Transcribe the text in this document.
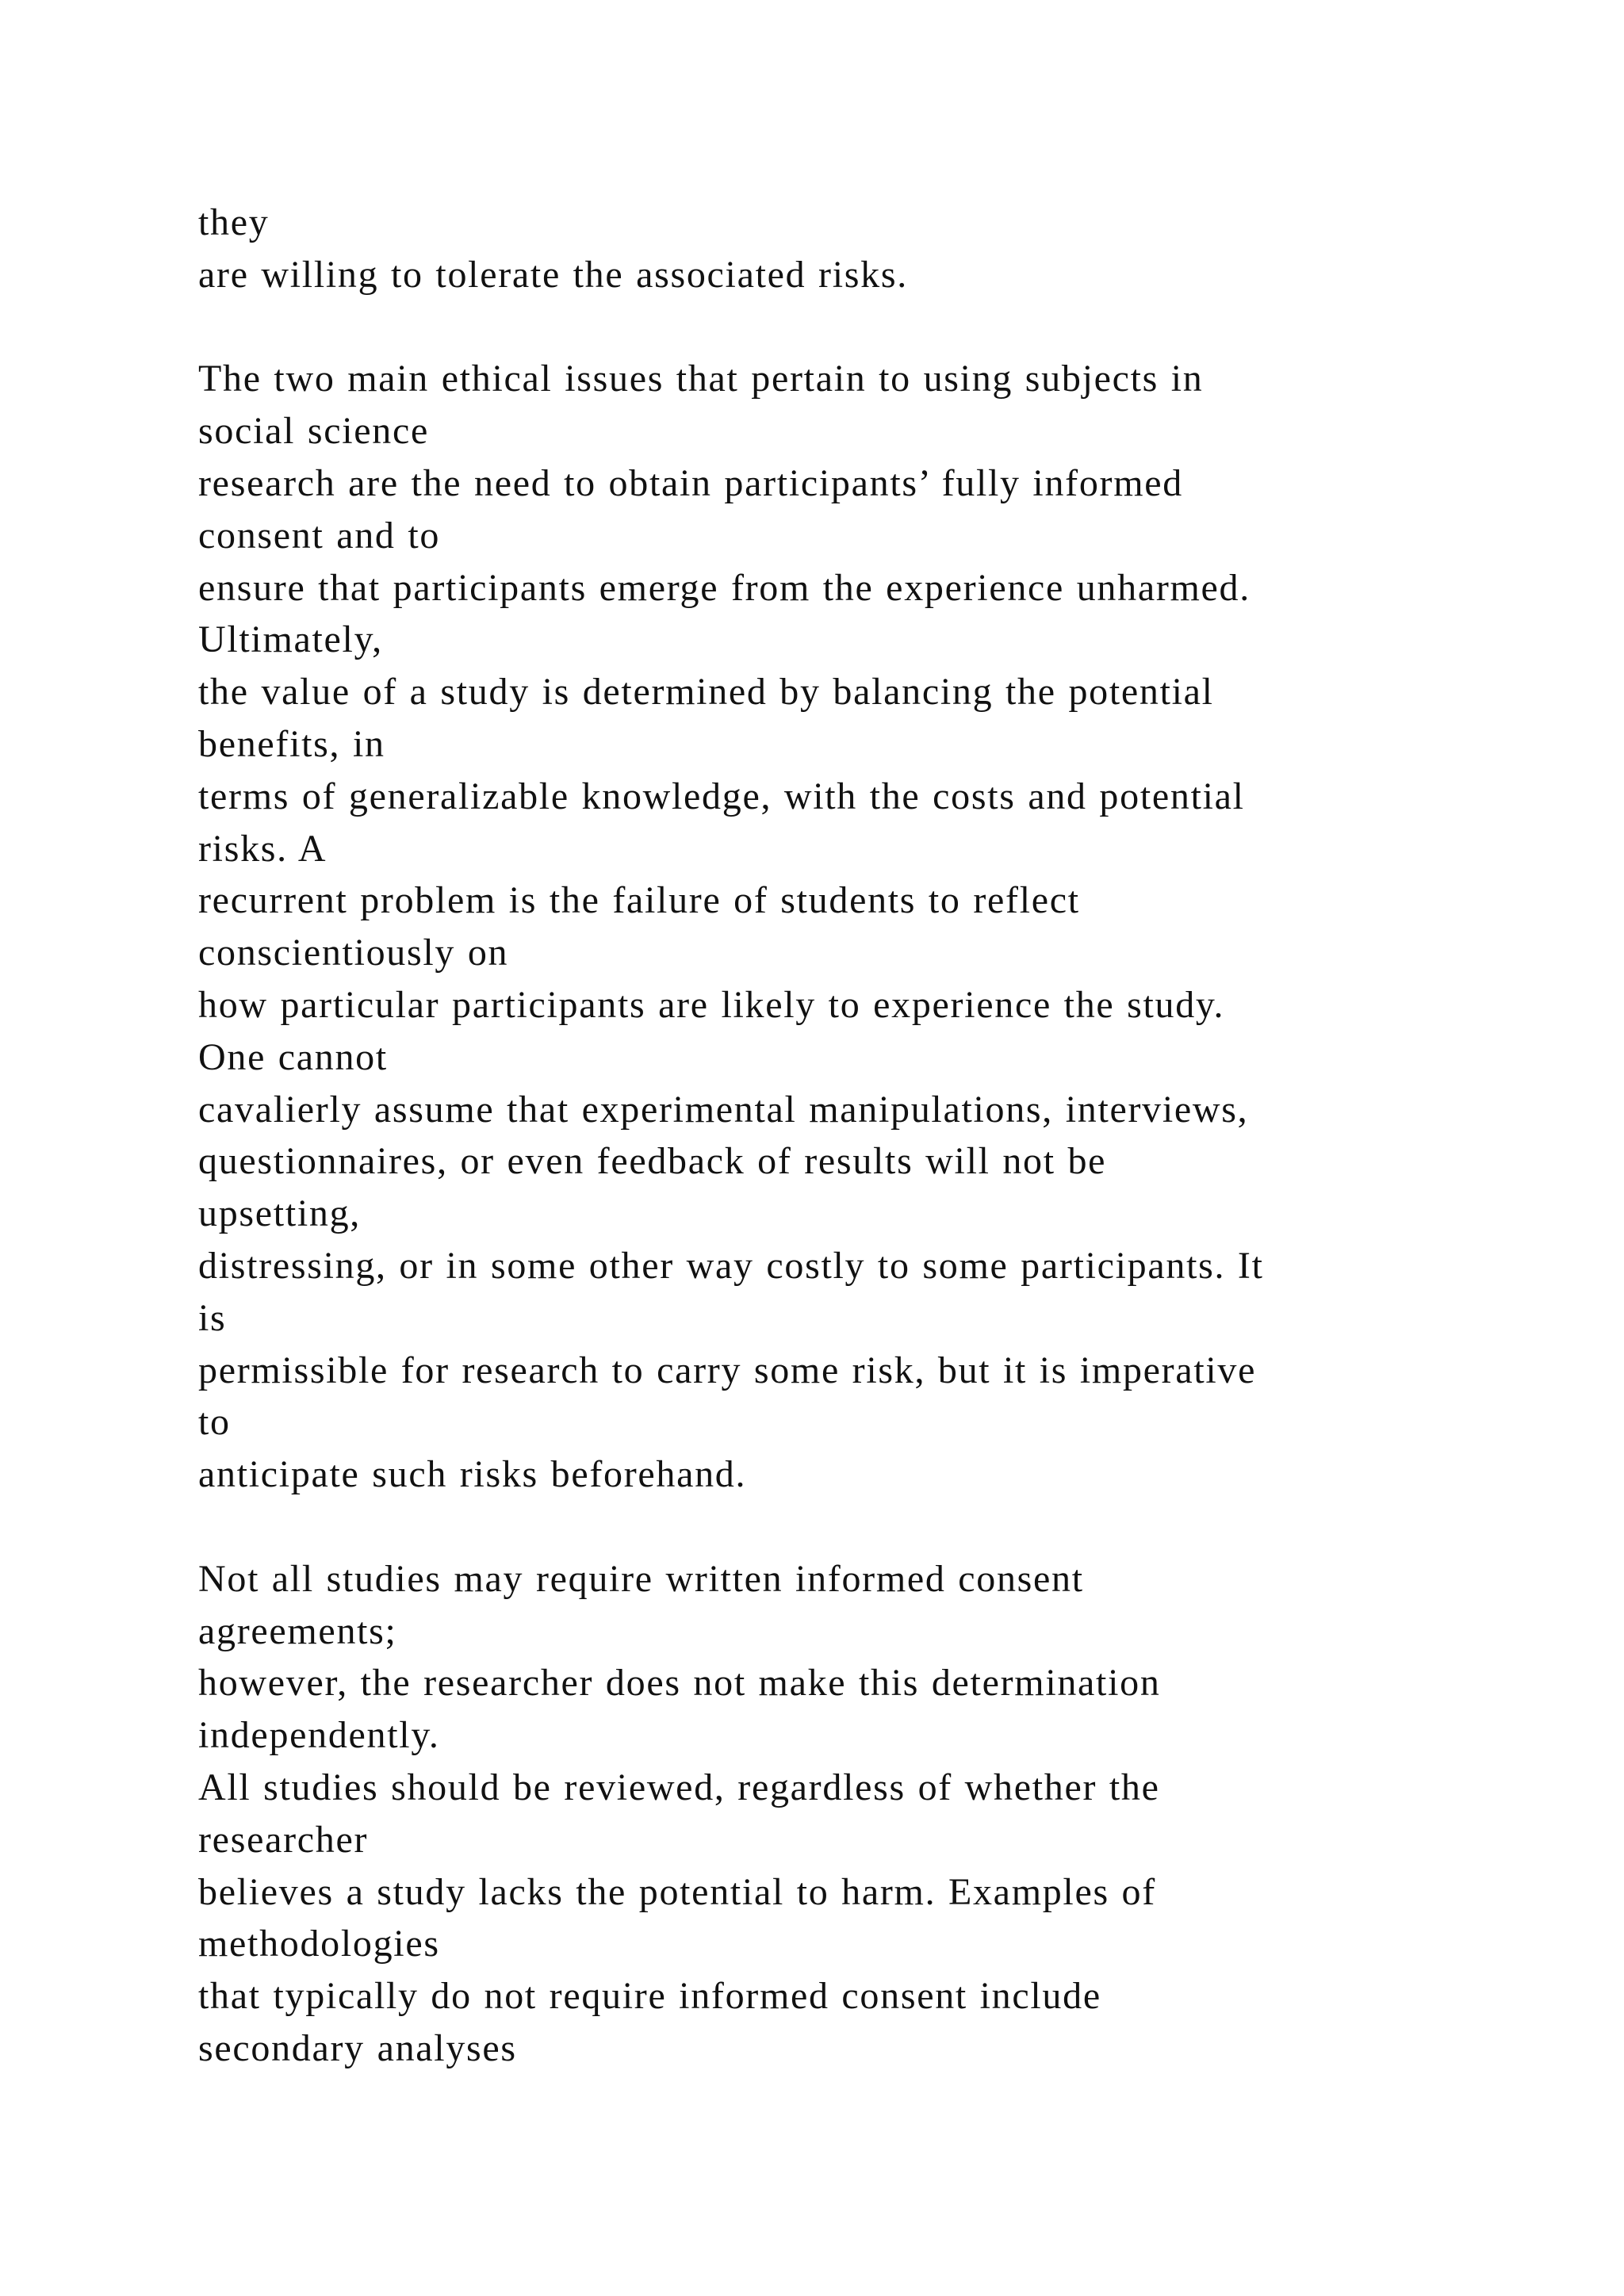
they
are willing to tolerate the associated risks.
The two main ethical issues that pertain to using subjects in
social science
research are the need to obtain participants’ fully informed
consent and to
ensure that participants emerge from the experience unharmed.
Ultimately,
the value of a study is determined by balancing the potential
benefits, in
terms of generalizable knowledge, with the costs and potential
risks. A
recurrent problem is the failure of students to reflect
conscientiously on
how particular participants are likely to experience the study.
One cannot
cavalierly assume that experimental manipulations, interviews,
questionnaires, or even feedback of results will not be
upsetting,
distressing, or in some other way costly to some participants. It
is
permissible for research to carry some risk, but it is imperative
to
anticipate such risks beforehand.
Not all studies may require written informed consent
agreements;
however, the researcher does not make this determination
independently.
All studies should be reviewed, regardless of whether the
researcher
believes a study lacks the potential to harm. Examples of
methodologies
that typically do not require informed consent include
secondary analyses
